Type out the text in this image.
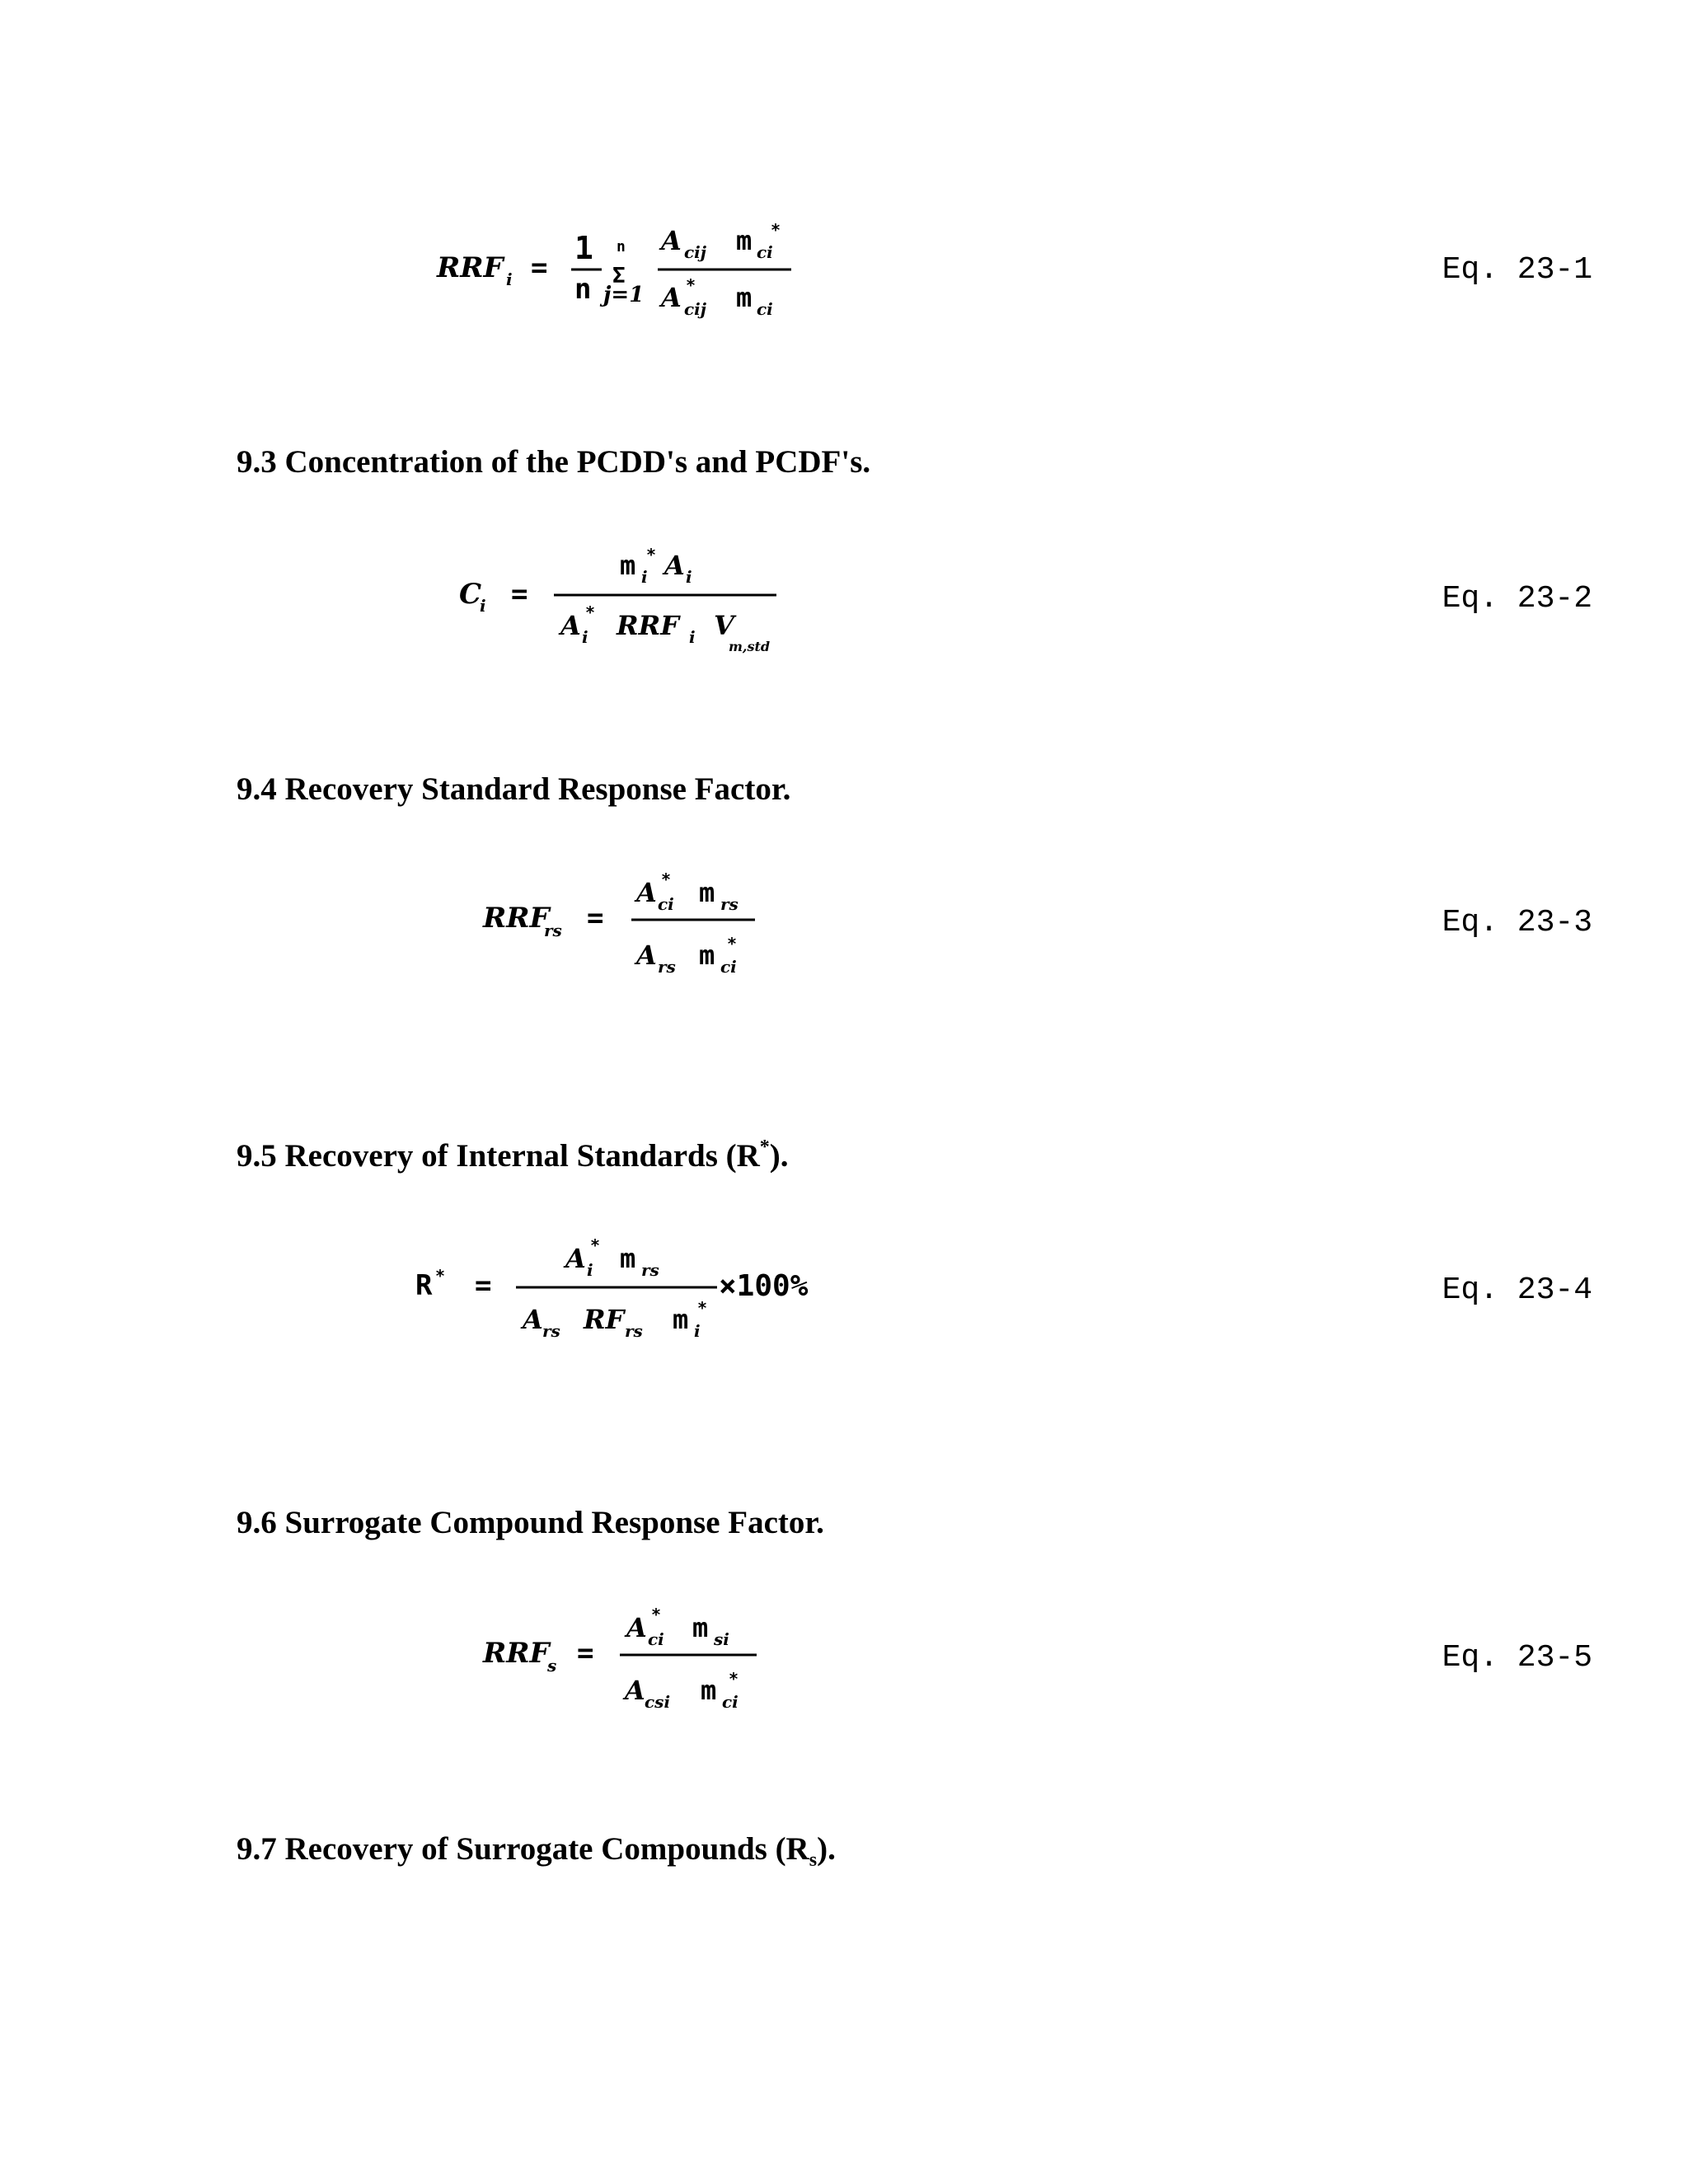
RRF i =
1
n
n
Σ
j=1
A cij m ci
*
A cij
* m ci
Eq. 23-1
9.3 Concentration of the PCDD's and PCDF's.
C
i =
m i
* A i
A i
* RRF i V
m,std
Eq. 23-2
9.4 Recovery Standard Response Factor.
RRF
rs =
A ci
* m rs
A rs m ci
*
Eq. 23-3
9.5 Recovery of Internal Standards (R*).
R * =
A i
* m rs ×100%
A rs RF rs m i
*	Eq. 23-4
9.6 Surrogate Compound Response Factor.
RRF
s =
A ci
* m si
A csi m ci
*
Eq. 23-5
9.7 Recovery of Surrogate Compounds $(R_s)$.
